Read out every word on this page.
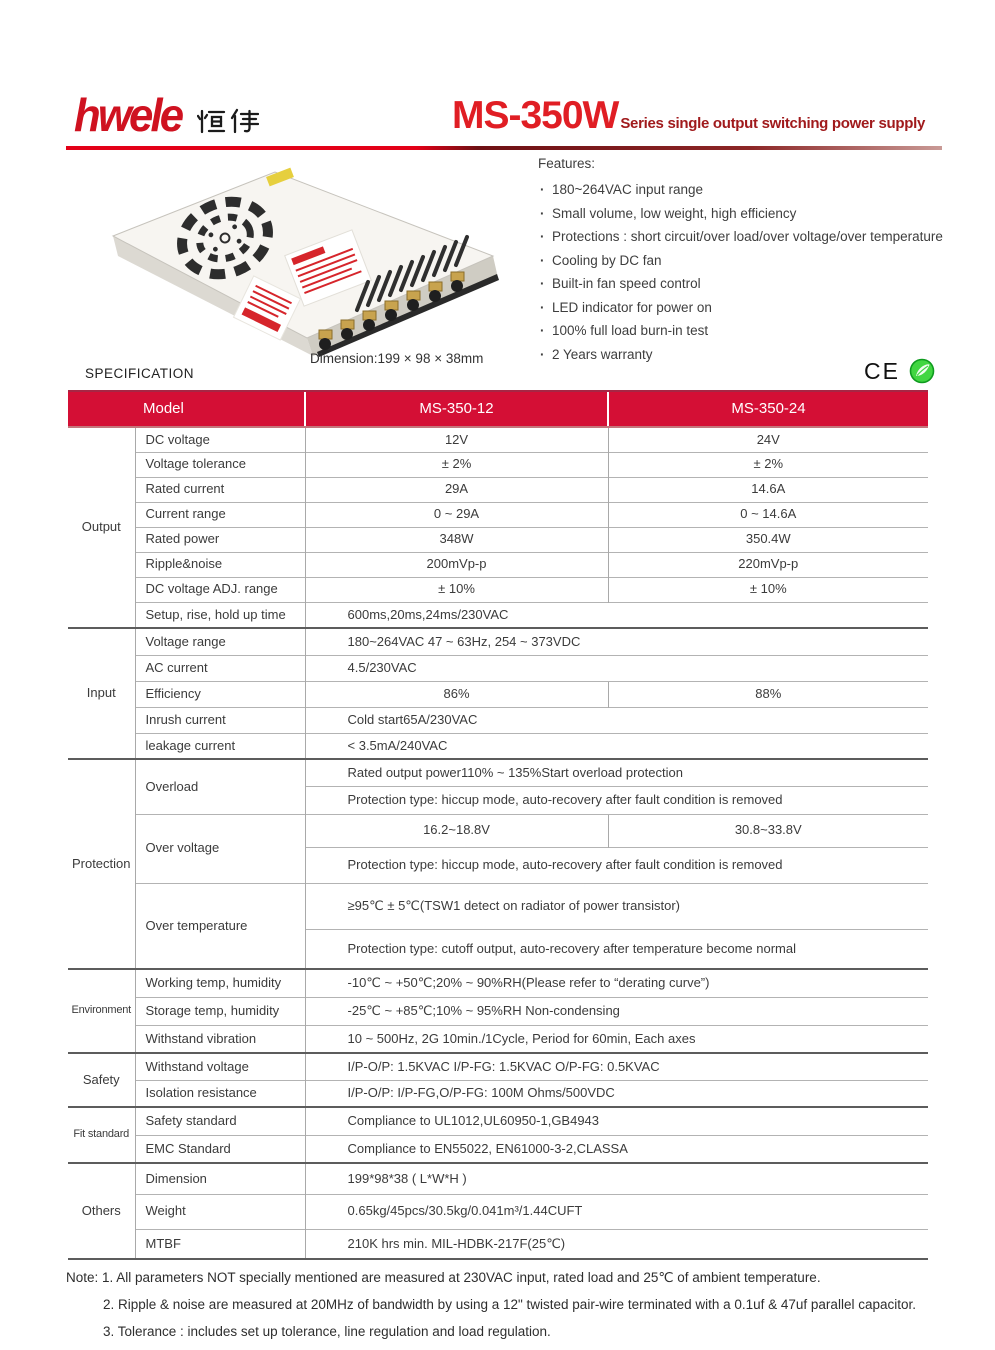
hwele	MS-350W Series single output switching power supply
Features:
· 180~264VAC input range
· Small volume, low weight, high efficiency
· Protections : short circuit/over load/over voltage/over temperature
· Cooling by DC fan
· Built-in fan speed control
· LED indicator for power on
· 100% full load burn-in test
· 2 Years warranty
Dimension:199 × 98 × 38mm	CE
SPECIFICATION
Model		MS-350-12	MS-350-24
Output	DC voltage	12V	24V
	Voltage tolerance	± 2%	± 2%
	Rated current	29A	14.6A
	Current range	0 ~ 29A	0 ~ 14.6A
	Rated power	348W	350.4W
	Ripple&noise	200mVp-p	220mVp-p
	DC voltage ADJ. range	± 10%	± 10%
	Setup, rise, hold up time	600ms,20ms,24ms/230VAC	
Input	Voltage range	180~264VAC 47 ~ 63Hz, 254 ~ 373VDC	
	AC current	4.5/230VAC	
	Efficiency	86%	88%
	Inrush current	Cold start65A/230VAC	
	leakage current	< 3.5mA/240VAC	
Protection	Overload	Rated output power110% ~ 135%Start overload protection	
		Protection type: hiccup mode, auto-recovery after fault condition is removed	
	Over voltage	16.2~18.8V	30.8~33.8V
		Protection type: hiccup mode, auto-recovery after fault condition is removed	
	Over temperature	≥95℃ ± 5℃(TSW1 detect on radiator of power transistor)	
		Protection type: cutoff output, auto-recovery after temperature become normal	
Environment	Working temp, humidity	-10℃ ~ +50℃;20% ~ 90%RH(Please refer to “derating curve”)	
	Storage temp, humidity	-25℃ ~ +85℃;10% ~ 95%RH Non-condensing	
	Withstand vibration	10 ~ 500Hz, 2G 10min./1Cycle, Period for 60min, Each axes	
Safety	Withstand voltage	I/P-O/P: 1.5KVAC I/P-FG: 1.5KVAC O/P-FG: 0.5KVAC	
	Isolation resistance	I/P-O/P: I/P-FG,O/P-FG: 100M Ohms/500VDC	
Fit standard	Safety standard	Compliance to UL1012,UL60950-1,GB4943	
	EMC Standard	Compliance to EN55022, EN61000-3-2,CLASSA	
Others	Dimension	199*98*38 ( L*W*H )	
	Weight	0.65kg/45pcs/30.5kg/0.041m³/1.44CUFT	
	MTBF	210K hrs min. MIL-HDBK-217F(25℃)	
Note: 1. All parameters NOT specially mentioned are measured at 230VAC input, rated load and 25℃ of ambient temperature.
2. Ripple & noise are measured at 20MHz of bandwidth by using a 12" twisted pair-wire terminated with a 0.1uf & 47uf parallel capacitor.
3. Tolerance : includes set up tolerance, line regulation and load regulation.
